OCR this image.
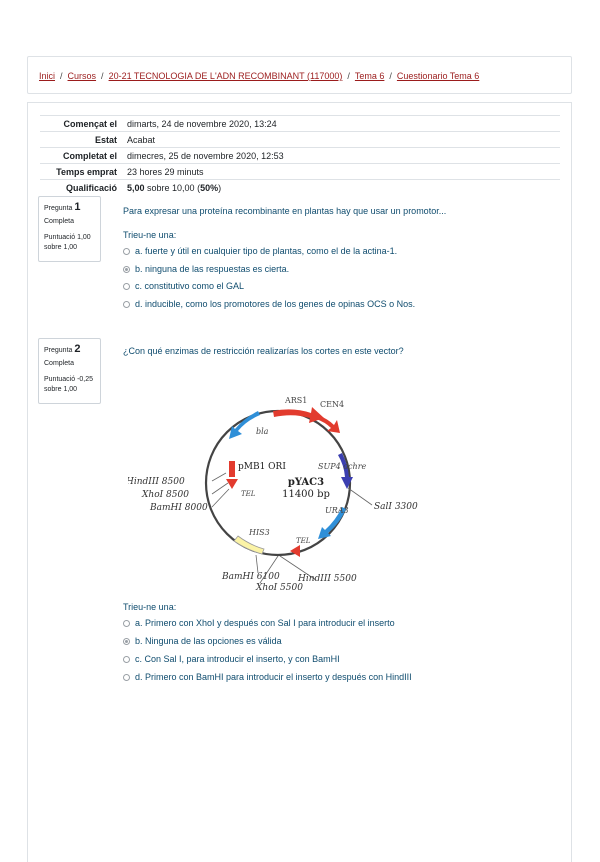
Inici / Cursos / 20-21 TECNOLOGIA DE L'ADN RECOMBINANT (117000) / Tema 6 / Cuestionario Tema 6
Començat el	dimarts, 24 de novembre 2020, 13:24
Estat	Acabat
Completat el	dimecres, 25 de novembre 2020, 12:53
Temps emprat	23 hores 29 minuts
Qualificació	5,00 sobre 10,00 (50%)
Pregunta 1
Completa
Puntuació 1,00 sobre 1,00
Para expresar una proteína recombinante en plantas hay que usar un promotor...
Trieu-ne una:
a. fuerte y útil en cualquier tipo de plantas, como el de la actina-1.
b. ninguna de las respuestas es cierta.
c. constitutivo como el GAL
d. inducible, como los promotores de los genes de opinas OCS o Nos.
Pregunta 2
Completa
Puntuació -0,25 sobre 1,00
¿Con qué enzimas de restricción realizarías los cortes en este vector?
ARS1 CEN4
bla
pMB1 ORI	SUP4 ochre
TEL
URA3
TEL
HIS3
pYAC3
11400 bp
HindIII 8500
XhoI 8500
BamHI 8000	SalI 3300
BamHI 6100 HindIII 5500
XhoI 5500
Trieu-ne una:
a. Primero con XhoI y después con Sal I para introducir el inserto
b. Ninguna de las opciones es válida
c. Con Sal I, para introducir el inserto, y con BamHI
d. Primero con BamHI para introducir el inserto y después con HindIII
